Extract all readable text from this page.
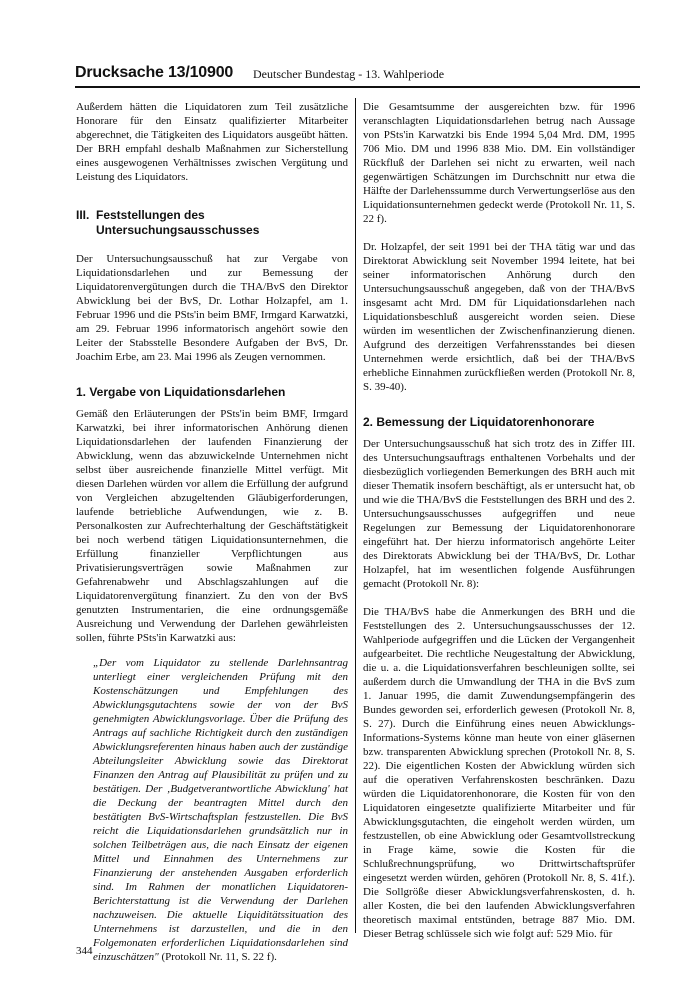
Drucksache 13/10900 Deutscher Bundestag - 13. Wahlperiode

Außerdem hätten die Liquidatoren zum Teil zusätzliche Honorare für den Einsatz qualifizierter Mitarbeiter abgerechnet, die Tätigkeiten des Liquidators ausgeübt hätten. Der BRH empfahl deshalb Maßnahmen zur Sicherstellung eines ausgewogenen Verhältnisses zwischen Vergütung und Leistung des Liquidators.

III. Feststellungen des Untersuchungsausschusses

Der Untersuchungsausschuß hat zur Vergabe von Liquidationsdarlehen und zur Bemessung der Liquidatorenvergütungen durch die THA/BvS den Direktor Abwicklung bei der BvS, Dr. Lothar Holzapfel, am 1. Februar 1996 und die PSts'in beim BMF, Irmgard Karwatzki, am 29. Februar 1996 informatorisch angehört sowie den Leiter der Stabsstelle Besondere Aufgaben der BvS, Dr. Joachim Erbe, am 23. Mai 1996 als Zeugen vernommen.

1. Vergabe von Liquidationsdarlehen

Gemäß den Erläuterungen der PSts'in beim BMF, Irmgard Karwatzki, bei ihrer informatorischen Anhörung dienen Liquidationsdarlehen der laufenden Finanzierung der Abwicklung, wenn das abzuwickelnde Unternehmen nicht selbst über ausreichende finanzielle Mittel verfügt. Mit diesen Darlehen würden vor allem die Erfüllung der aufgrund von Vergleichen abzugeltenden Gläubigerforderungen, laufende betriebliche Aufwendungen, wie z. B. Personalkosten zur Aufrechterhaltung der Geschäftstätigkeit bei noch werbend tätigen Liquidationsunternehmen, die Erfüllung finanzieller Verpflichtungen aus Privatisierungsverträgen sowie Maßnahmen zur Gefahrenabwehr und Abschlagszahlungen auf die Liquidatorenvergütung finanziert. Zu den von der BvS genutzten Instrumentarien, die eine ordnungsgemäße Ausreichung und Verwendung der Darlehen gewährleisten sollen, führte PSts'in Karwatzki aus:

„Der vom Liquidator zu stellende Darlehnsantrag unterliegt einer vergleichenden Prüfung mit den Kostenschätzungen und Empfehlungen des Abwicklungsgutachtens sowie der von der BvS genehmigten Abwicklungsvorlage. Über die Prüfung des Antrags auf sachliche Richtigkeit durch den zuständigen Abwicklungsreferenten hinaus haben auch der zuständige Abteilungsleiter Abwicklung sowie das Direktorat Finanzen den Antrag auf Plausibilität zu prüfen und zu bestätigen. Der ‚Budgetverantwortliche Abwicklung' hat die Deckung der beantragten Mittel durch den bestätigten BvS-Wirtschaftsplan festzustellen. Die BvS reicht die Liquidationsdarlehen grundsätzlich nur in solchen Teilbeträgen aus, die nach Einsatz der eigenen Mittel und Einnahmen des Unternehmens zur Finanzierung der anstehenden Ausgaben erforderlich sind. Im Rahmen der monatlichen Liquidatoren-Berichterstattung ist die Verwendung der Darlehen nachzuweisen. Die aktuelle Liquiditätssituation des Unternehmens ist darzustellen, und die in den Folgemonaten erforderlichen Liquidationsdarlehen sind einzuschätzen" (Protokoll Nr. 11, S. 22 f).

Die Gesamtsumme der ausgereichten bzw. für 1996 veranschlagten Liquidationsdarlehen betrug nach Aussage von PSts'in Karwatzki bis Ende 1994 5,04 Mrd. DM, 1995 706 Mio. DM und 1996 838 Mio. DM. Ein vollständiger Rückfluß der Darlehen sei nicht zu erwarten, weil nach gegenwärtigen Schätzungen im Durchschnitt nur etwa die Hälfte der Darlehenssumme durch Verwertungserlöse aus den Liquidationsunternehmen gedeckt werde (Protokoll Nr. 11, S. 22 f).

Dr. Holzapfel, der seit 1991 bei der THA tätig war und das Direktorat Abwicklung seit November 1994 leitete, hat bei seiner informatorischen Anhörung durch den Untersuchungsausschuß angegeben, daß von der THA/BvS insgesamt acht Mrd. DM für Liquidationsdarlehen nach Liquidationsbeschluß ausgereicht worden seien. Diese würden im wesentlichen der Zwischenfinanzierung dienen. Aufgrund des derzeitigen Verfahrensstandes bei diesen Unternehmen werde ersichtlich, daß bei der THA/BvS erhebliche Einnahmen zurückfließen werden (Protokoll Nr. 8, S. 39-40).

2. Bemessung der Liquidatorenhonorare

Der Untersuchungsausschuß hat sich trotz des in Ziffer III. des Untersuchungsauftrags enthaltenen Vorbehalts und der diesbezüglich vorliegenden Bemerkungen des BRH auch mit dieser Thematik insofern beschäftigt, als er untersucht hat, ob und wie die THA/BvS die Feststellungen des BRH und des 2. Untersuchungsausschusses aufgegriffen und neue Regelungen zur Bemessung der Liquidatorenhonorare eingeführt hat. Der hierzu informatorisch angehörte Leiter des Direktorats Abwicklung bei der THA/BvS, Dr. Lothar Holzapfel, hat im wesentlichen folgende Ausführungen gemacht (Protokoll Nr. 8):

Die THA/BvS habe die Anmerkungen des BRH und die Feststellungen des 2. Untersuchungsausschusses der 12. Wahlperiode aufgegriffen und die Lücken der Vergangenheit aufgearbeitet. Die rechtliche Neugestaltung der Abwicklung, die u. a. die Liquidationsverfahren beschleunigen sollte, sei außerdem durch die Umwandlung der THA in die BvS zum 1. Januar 1995, die damit Zuwendungsempfängerin des Bundes geworden sei, erforderlich gewesen (Protokoll Nr. 8, S. 27). Durch die Einführung eines neuen Abwicklungs- Informations-Systems könne man heute von einer gläsernen bzw. transparenten Abwicklung sprechen (Protokoll Nr. 8, S. 22). Die eigentlichen Kosten der Abwicklung würden sich auf die operativen Verfahrenskosten beschränken. Dazu würden die Liquidatorenhonorare, die Kosten für von den Liquidatoren eingesetzte qualifizierte Mitarbeiter und für Abwicklungsgutachten, die eingeholt werden würden, um festzustellen, ob eine Abwicklung oder Gesamtvollstreckung in Frage käme, sowie die Kosten für die Schlußrechnungsprüfung, wo Drittwirtschaftsprüfer eingesetzt werden würden, gehören (Protokoll Nr. 8, S. 41f.). Die Sollgröße dieser Abwicklungsverfahrenskosten, d. h. aller Kosten, die bei den laufenden Abwicklungsverfahren theoretisch maximal entstünden, betrage 887 Mio. DM. Dieser Betrag schlüssele sich wie folgt auf: 529 Mio. für

344
